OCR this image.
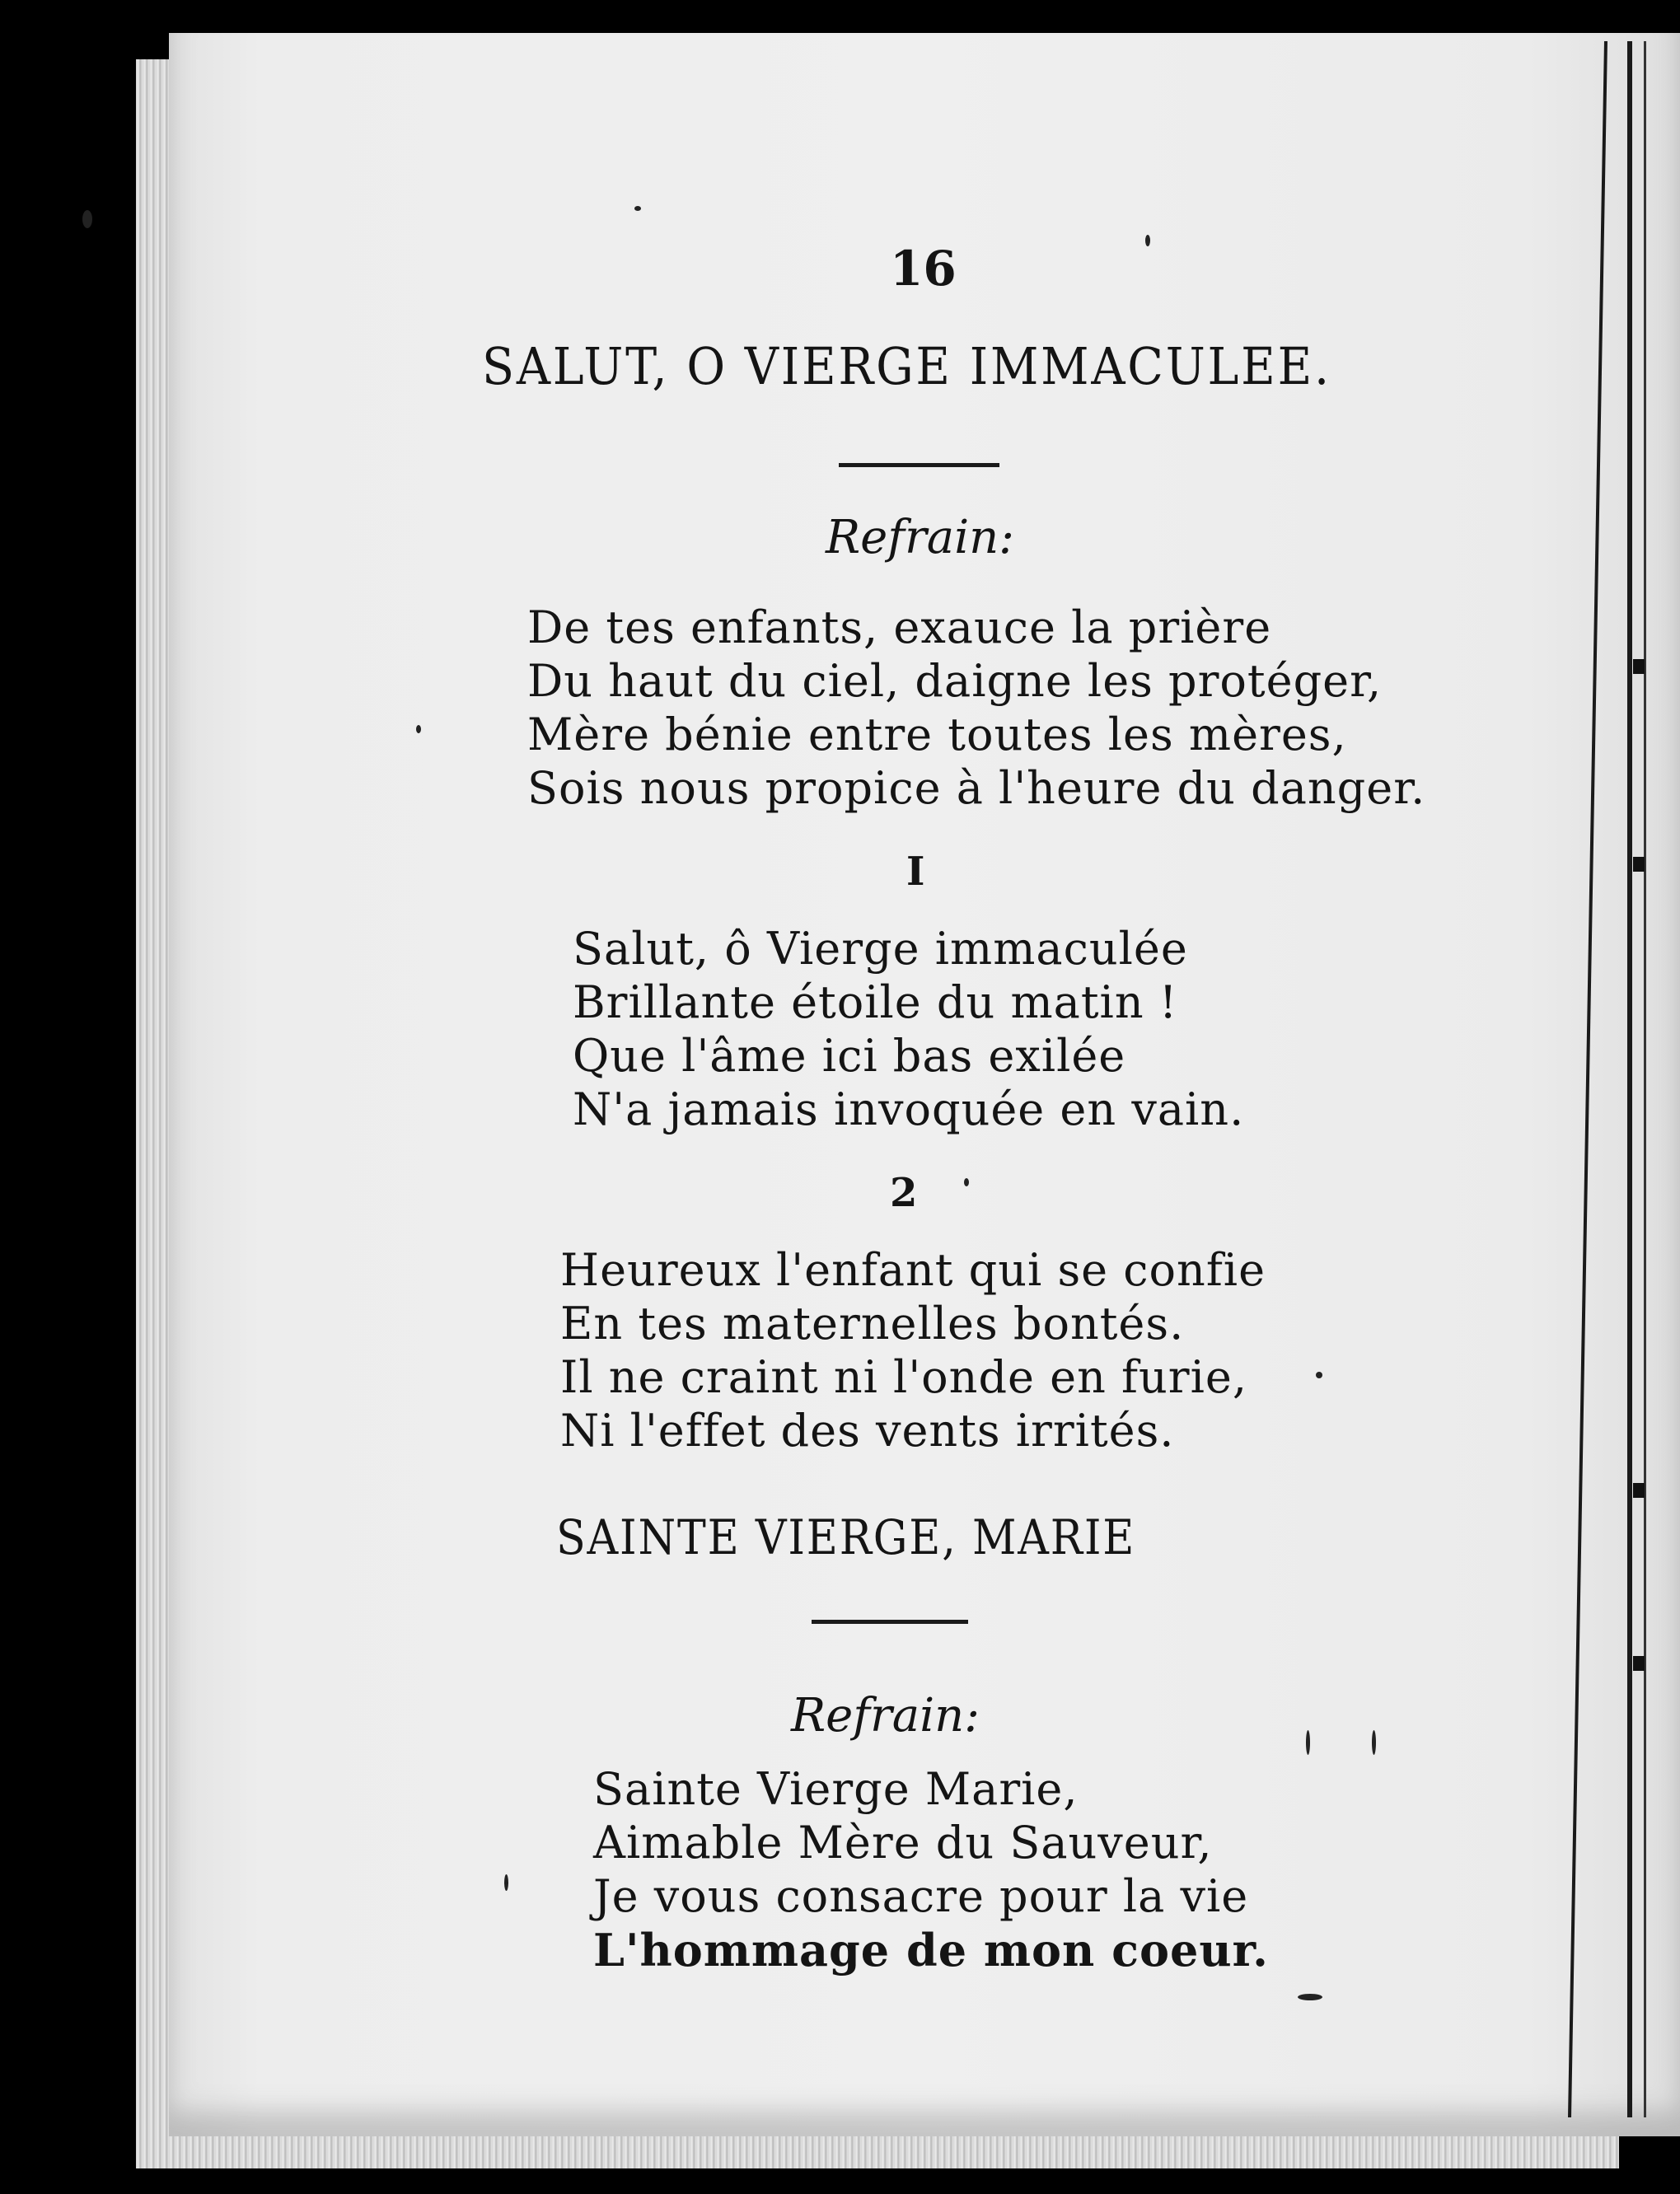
16
SALUT, O VIERGE IMMACULEE.
Refrain:
De tes enfants, exauce la prière
Du haut du ciel, daigne les protéger,
Mère bénie entre toutes les mères,
Sois nous propice à l'heure du danger.
I
Salut, ô Vierge immaculée
Brillante étoile du matin !
Que l'âme ici bas exilée
N'a jamais invoquée en vain.
2
Heureux l'enfant qui se confie
En tes maternelles bontés.
Il ne craint ni l'onde en furie,
Ni l'effet des vents irrités.
SAINTE VIERGE, MARIE
Refrain:
Sainte Vierge Marie,
Aimable Mère du Sauveur,
Je vous consacre pour la vie
L'hommage de mon coeur.
